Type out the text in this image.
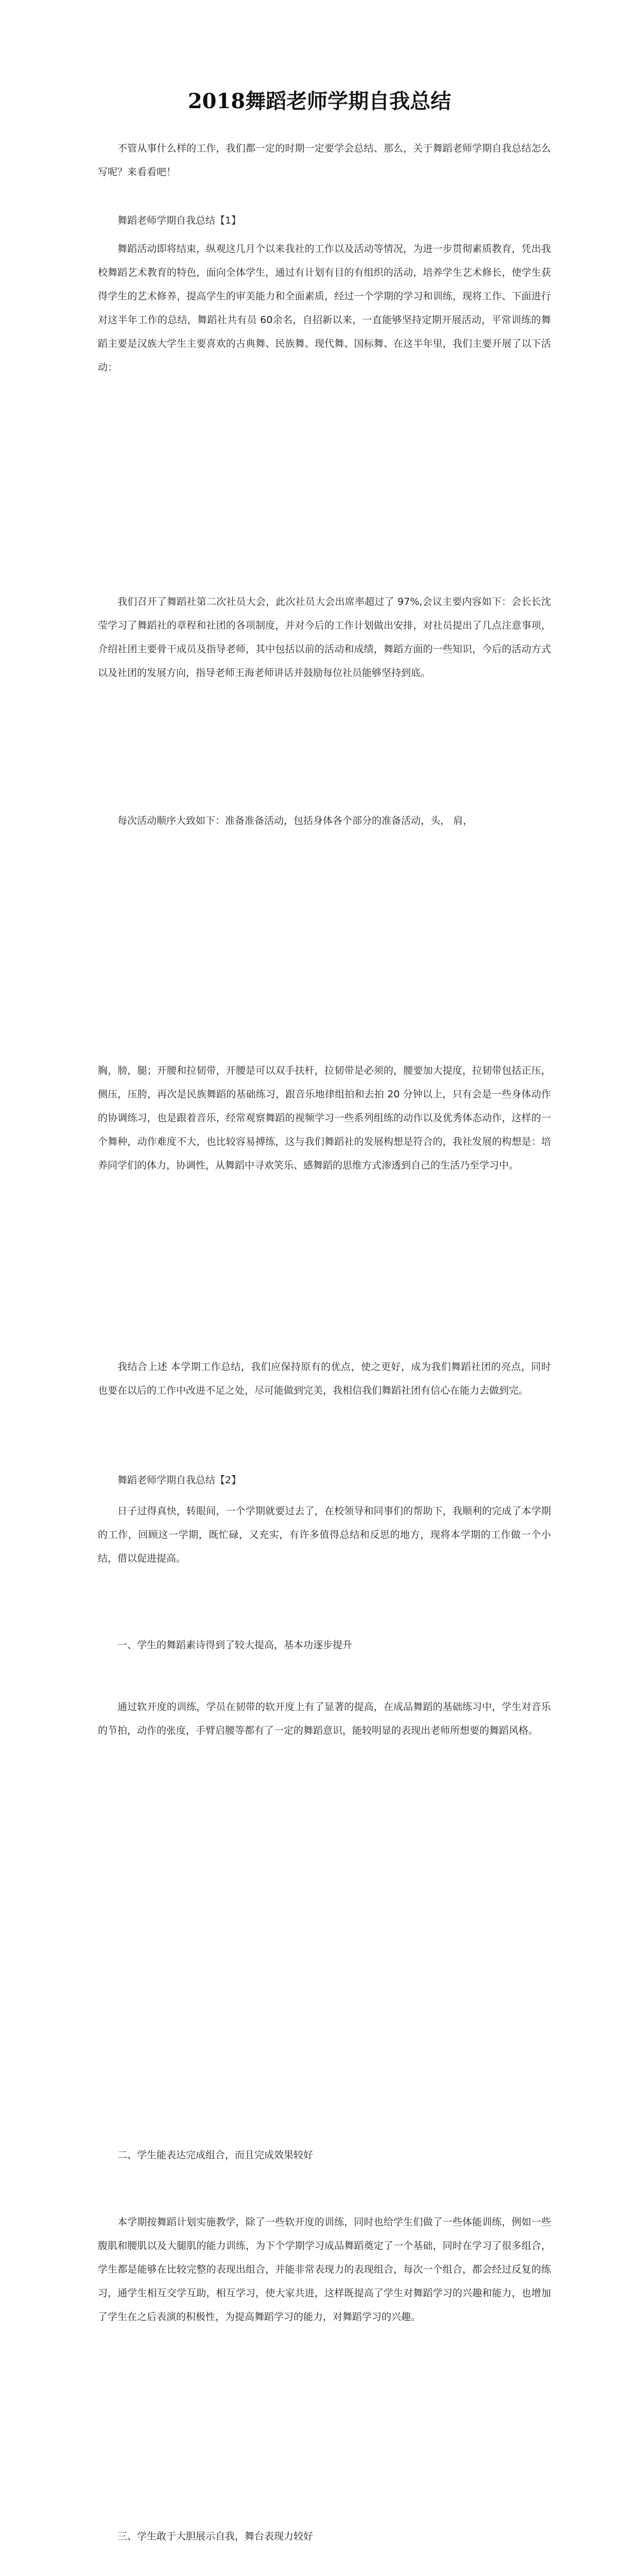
2018舞蹈老师学期自我总结

不管从事什么样的工作，我们都一定的时期一定要学会总结、那么，关于舞蹈老师学期自我总结怎么写呢？来看看吧！

舞蹈老师学期自我总结【1】

舞蹈活动即将结束，纵观这几月个以来我社的工作以及活动等情况，为进一步贯彻素质教育，凭出我校舞蹈艺术教育的特色，面向全体学生，通过有计划有目的有组织的活动，培养学生艺术修长，使学生获得学生的艺术修养，提高学生的审美能力和全面素质，经过一个学期的学习和训练，现将工作、下面进行对这半年工作的总结，舞蹈社共有员 60余名，自招新以来，一直能够坚持定期开展活动，平常训练的舞蹈主要是汉族大学生主要喜欢的古典舞、民族舞、现代舞、国标舞、在这半年里，我们主要开展了以下活动：

我们召开了舞蹈社第二次社员大会，此次社员大会出席率超过了 97%,会议主要内容如下：会长长沈莹学习了舞蹈社的章程和社团的各项制度，并对今后的工作计划做出安排，对社员提出了几点注意事项，介绍社团主要骨干成员及指导老师，其中包括以前的活动和成绩，舞蹈方面的一些知识，今后的活动方式以及社团的发展方向，指导老师王海老师讲话并鼓励每位社员能够坚持到底。

每次活动顺序大致如下：准备准备活动，包括身体各个部分的准备活动，头， 肩，

胸，膀，腿；开腰和拉韧带，开腰是可以双手扶杆，拉韧带是必须的，腰要加大提度，拉韧带包括正压，侧压，压胯，再次是民族舞蹈的基础练习，跟音乐地律组拍和去拍 20 分钟以上，只有会是一些身体动作的协调练习，也是跟着音乐，经常观察舞蹈的视频学习一些系列组练的动作以及优秀体态动作，这样的一个舞种，动作难度不大，也比较容易搏练，这与我们舞蹈社的发展构想是符合的，我社发展的构想是：培养同学们的体力，协调性，从舞蹈中寻欢笑乐、感舞蹈的思维方式渗透到自己的生活乃至学习中。

我结合上述 本学期工作总结，我们应保持原有的优点，使之更好，成为我们舞蹈社团的亮点，同时也要在以后的工作中改进不足之处，尽可能做到完美，我相信我们舞蹈社团有信心在能力去做到完。

舞蹈老师学期自我总结【2】

日子过得真快，转眼间，一个学期就要过去了，在校领导和同事们的帮助下，我顺利的完成了本学期的工作，回顾这一学期，既忙碌，又充实，有许多值得总结和反思的地方，现将本学期的工作做一个小结，借以促进提高。

一、学生的舞蹈素诗得到了较大提高，基本功逐步提升

通过软开度的训练，学员在韧带的软开度上有了显著的提高，在成品舞蹈的基础练习中，学生对音乐的节拍，动作的张度，手臂启腰等都有了一定的舞蹈意识，能较明显的表现出老师所想要的舞蹈风格。

二、学生能表达完成组合，而且完成效果较好

本学期按舞蹈计划实施教学，除了一些软开度的训练，同时也给学生们做了一些体能训练，例如一些腹肌和腰肌以及大腿肌的能力训练，为下个学期学习成品舞蹈奠定了一个基础，同时在学习了很多组合，学生都是能够在比较完整的表现出组合，并能非常表现力的表现组合，每次一个组合，都会经过反复的练习，通学生相互交学互助，相互学习，使大家共进，这样既提高了学生对舞蹈学习的兴趣和能力，也增加了学生在之后表演的积极性，为提高舞蹈学习的能力，对舞蹈学习的兴趣。

三、学生敢于大胆展示自我，舞台表现力较好
